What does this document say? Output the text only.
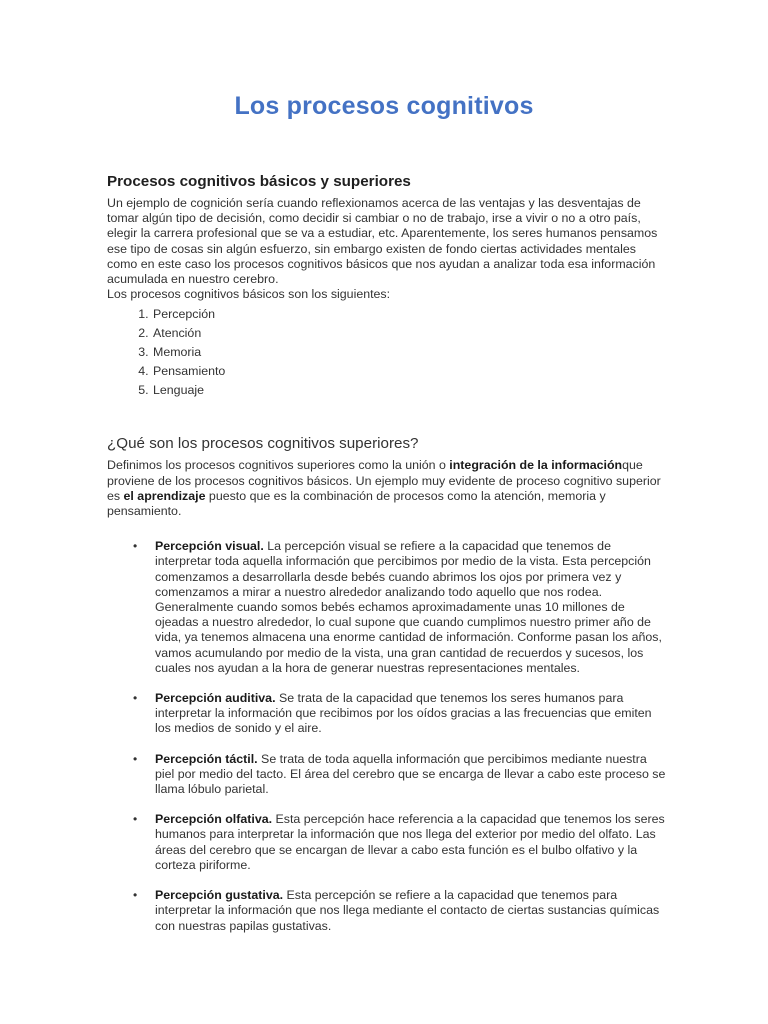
Los procesos cognitivos
Procesos cognitivos básicos y superiores

Un ejemplo de cognición sería cuando reflexionamos acerca de las ventajas y las desventajas de tomar algún tipo de decisión, como decidir si cambiar o no de trabajo, irse a vivir o no a otro país, elegir la carrera profesional que se va a estudiar, etc. Aparentemente, los seres humanos pensamos ese tipo de cosas sin algún esfuerzo, sin embargo existen de fondo ciertas actividades mentales como en este caso los procesos cognitivos básicos que nos ayudan a analizar toda esa información acumulada en nuestro cerebro.

Los procesos cognitivos básicos son los siguientes:

1. Percepción
2. Atención
3. Memoria
4. Pensamiento
5. Lenguaje
¿Qué son los procesos cognitivos superiores?

Definimos los procesos cognitivos superiores como la unión o integración de la informaciónque proviene de los procesos cognitivos básicos. Un ejemplo muy evidente de proceso cognitivo superior es el aprendizaje puesto que es la combinación de procesos como la atención, memoria y pensamiento.

• Percepción visual. La percepción visual se refiere a la capacidad que tenemos de interpretar toda aquella información que percibimos por medio de la vista. Esta percepción comenzamos a desarrollarla desde bebés cuando abrimos los ojos por primera vez y comenzamos a mirar a nuestro alrededor analizando todo aquello que nos rodea. Generalmente cuando somos bebés echamos aproximadamente unas 10 millones de ojeadas a nuestro alrededor, lo cual supone que cuando cumplimos nuestro primer año de vida, ya tenemos almacena una enorme cantidad de información. Conforme pasan los años, vamos acumulando por medio de la vista, una gran cantidad de recuerdos y sucesos, los cuales nos ayudan a la hora de generar nuestras representaciones mentales.
• Percepción auditiva. Se trata de la capacidad que tenemos los seres humanos para interpretar la información que recibimos por los oídos gracias a las frecuencias que emiten los medios de sonido y el aire.
• Percepción táctil. Se trata de toda aquella información que percibimos mediante nuestra piel por medio del tacto. El área del cerebro que se encarga de llevar a cabo este proceso se llama lóbulo parietal.
• Percepción olfativa. Esta percepción hace referencia a la capacidad que tenemos los seres humanos para interpretar la información que nos llega del exterior por medio del olfato. Las áreas del cerebro que se encargan de llevar a cabo esta función es el bulbo olfativo y la corteza piriforme.
• Percepción gustativa. Esta percepción se refiere a la capacidad que tenemos para interpretar la información que nos llega mediante el contacto de ciertas sustancias químicas con nuestras papilas gustativas.
